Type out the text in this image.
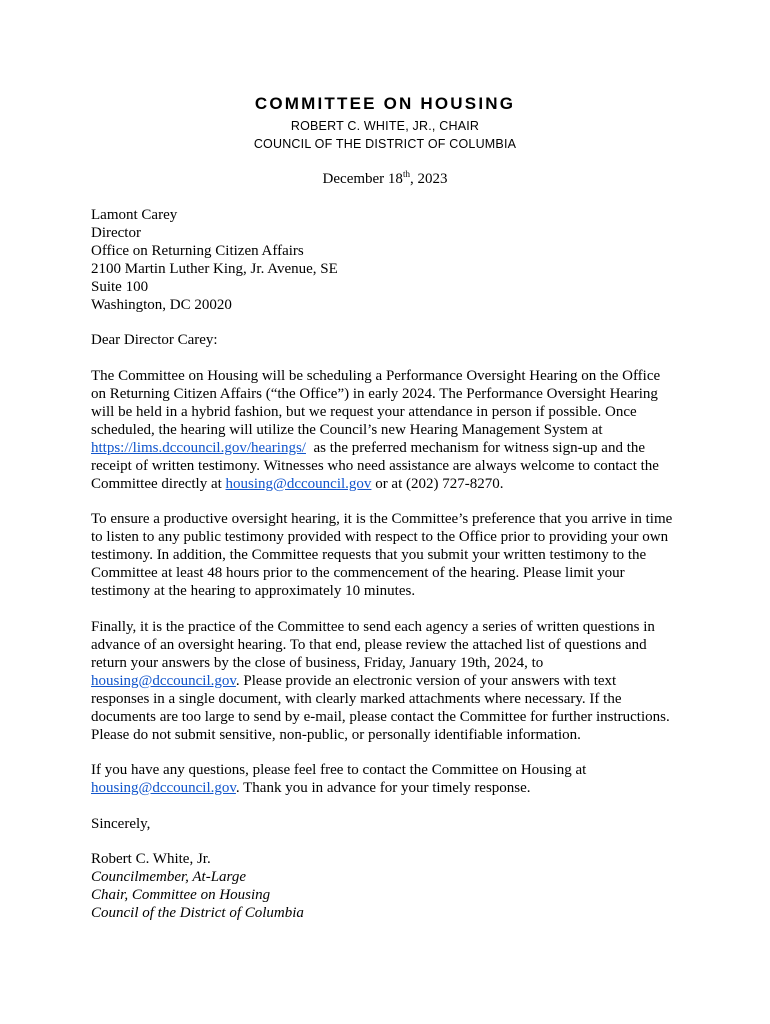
COMMITTEE ON HOUSING
ROBERT C. WHITE, JR., CHAIR
COUNCIL OF THE DISTRICT OF COLUMBIA
December 18th, 2023
Lamont Carey
Director
Office on Returning Citizen Affairs
2100 Martin Luther King, Jr. Avenue, SE
Suite 100
Washington, DC 20020
Dear Director Carey:
The Committee on Housing will be scheduling a Performance Oversight Hearing on the Office
on Returning Citizen Affairs (“the Office”) in early 2024. The Performance Oversight Hearing
will be held in a hybrid fashion, but we request your attendance in person if possible. Once
scheduled, the hearing will utilize the Council’s new Hearing Management System at
https://lims.dccouncil.gov/hearings/  as the preferred mechanism for witness sign-up and the
receipt of written testimony. Witnesses who need assistance are always welcome to contact the
Committee directly at housing@dccouncil.gov or at (202) 727-8270.
To ensure a productive oversight hearing, it is the Committee’s preference that you arrive in time
to listen to any public testimony provided with respect to the Office prior to providing your own
testimony. In addition, the Committee requests that you submit your written testimony to the
Committee at least 48 hours prior to the commencement of the hearing. Please limit your
testimony at the hearing to approximately 10 minutes.
Finally, it is the practice of the Committee to send each agency a series of written questions in
advance of an oversight hearing. To that end, please review the attached list of questions and
return your answers by the close of business, Friday, January 19th, 2024, to
housing@dccouncil.gov. Please provide an electronic version of your answers with text
responses in a single document, with clearly marked attachments where necessary. If the
documents are too large to send by e-mail, please contact the Committee for further instructions.
Please do not submit sensitive, non-public, or personally identifiable information.
If you have any questions, please feel free to contact the Committee on Housing at
housing@dccouncil.gov. Thank you in advance for your timely response.
Sincerely,
Robert C. White, Jr.
Councilmember, At-Large
Chair, Committee on Housing
Council of the District of Columbia
